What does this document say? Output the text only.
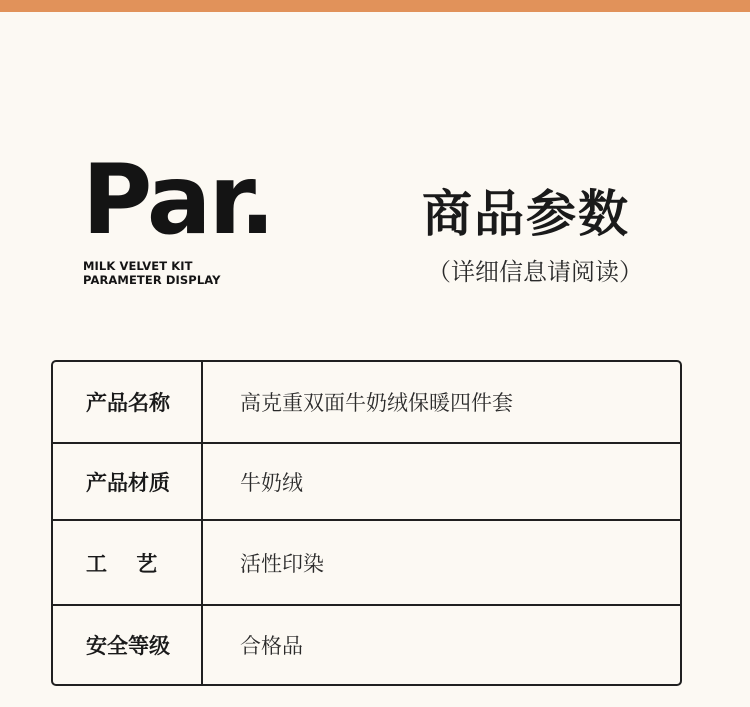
Par.
MILK VELVET KIT
PARAMETER DISPLAY
商品参数
（详细信息请阅读）
产品名称	高克重双面牛奶绒保暖四件套
产品材质	牛奶绒
工    艺	活性印染
安全等级	合格品
